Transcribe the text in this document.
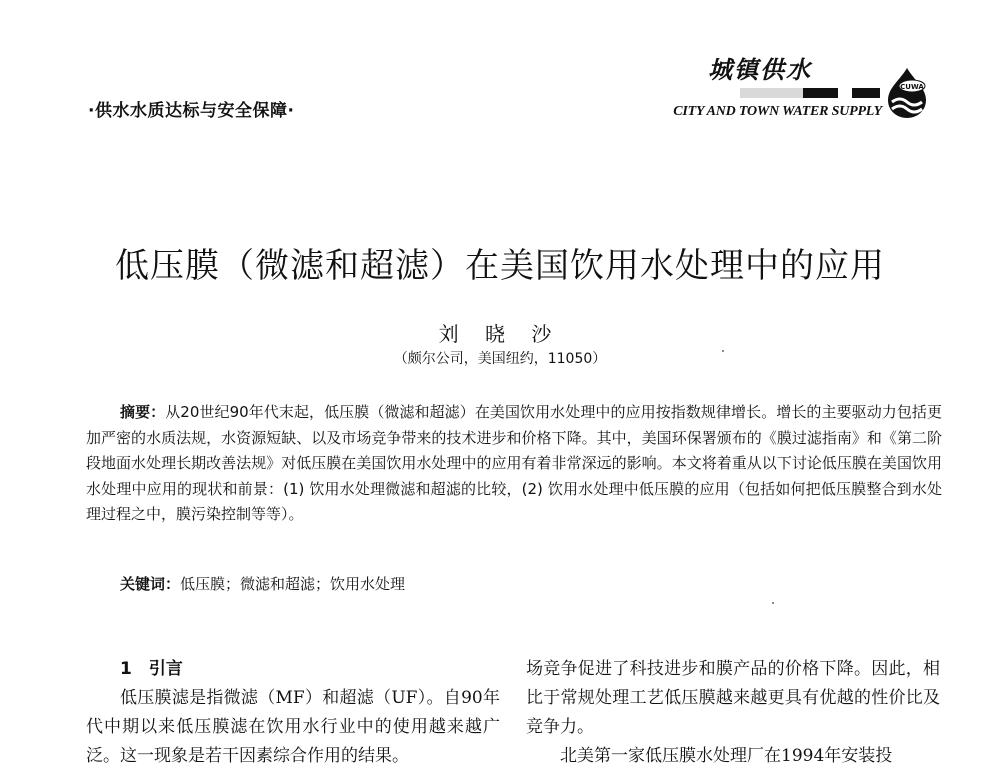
·供水水质达标与安全保障·
城镇供水
CITY AND TOWN WATER SUPPLY
CUWA
低压膜（微滤和超滤）在美国饮用水处理中的应用
刘 晓 沙
（颇尔公司，美国纽约，11050）
摘要：从20世纪90年代末起，低压膜（微滤和超滤）在美国饮用水处理中的应用按指数规律增长。增长的主要驱动力包括更加严密的水质法规，水资源短缺、以及市场竞争带来的技术进步和价格下降。其中，美国环保署颁布的《膜过滤指南》和《第二阶段地面水处理长期改善法规》对低压膜在美国饮用水处理中的应用有着非常深远的影响。本文将着重从以下讨论低压膜在美国饮用水处理中应用的现状和前景：(1) 饮用水处理微滤和超滤的比较，(2) 饮用水处理中低压膜的应用（包括如何把低压膜整合到水处理过程之中，膜污染控制等等）。
关键词：低压膜；微滤和超滤；饮用水处理
1　引言

低压膜滤是指微滤（MF）和超滤（UF）。自90年代中期以来低压膜滤在饮用水行业中的使用越来越广泛。这一现象是若干因素综合作用的结果。

场竞争促进了科技进步和膜产品的价格下降。因此，相比于常规处理工艺低压膜越来越更具有优越的性价比及竞争力。

北美第一家低压膜水处理厂在1994年安装投
